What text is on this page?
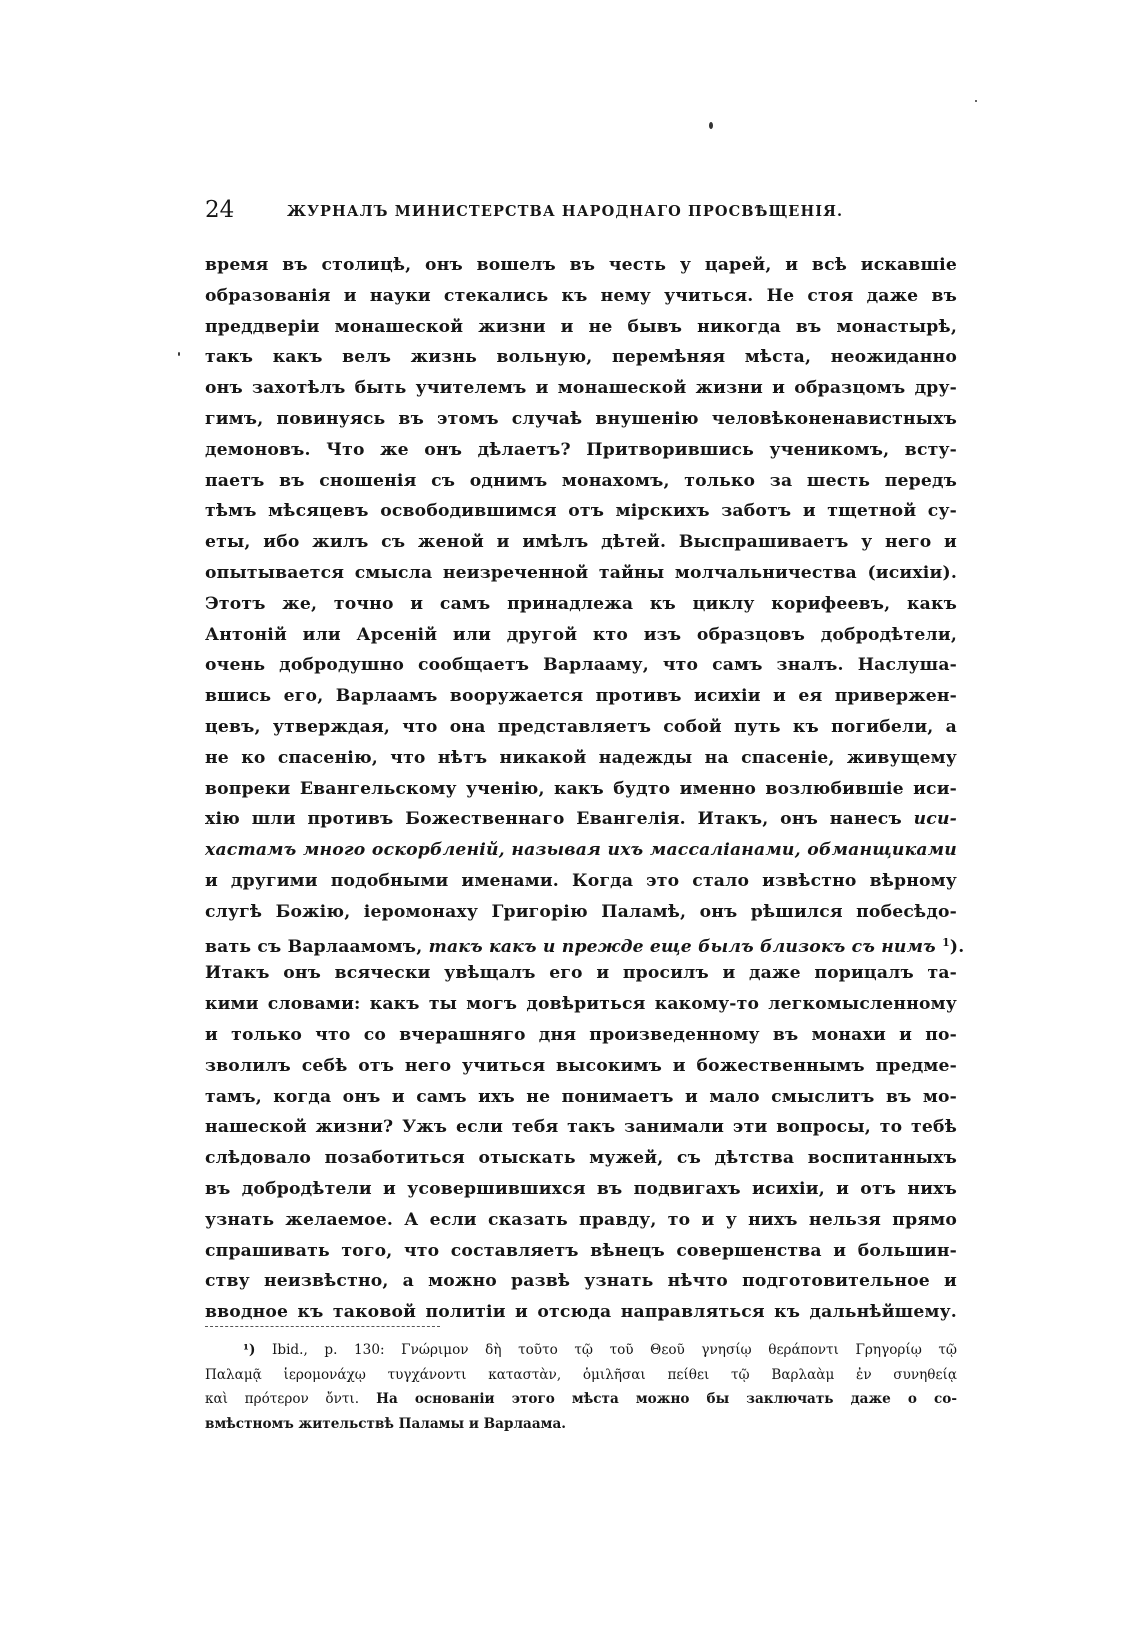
24	ЖУРНАЛЪ МИНИСТЕРСТВА НАРОДНАГО ПРОСВѢЩЕНІЯ.
время въ столицѣ, онъ вошелъ въ честь у царей, и всѣ искавшіе
образованія и науки стекались къ нему учиться. Не стоя даже въ
преддверіи монашеской жизни и не бывъ никогда въ монастырѣ,
такъ какъ велъ жизнь вольную, перемѣняя мѣста, неожиданно
онъ захотѣлъ быть учителемъ и монашеской жизни и образцомъ дру-
гимъ, повинуясь въ этомъ случаѣ внушенію человѣконенавистныхъ
демоновъ. Что же онъ дѣлаетъ? Притворившись ученикомъ, всту-
паетъ въ сношенія съ однимъ монахомъ, только за шесть передъ
тѣмъ мѣсяцевъ освободившимся отъ мірскихъ заботъ и тщетной су-
еты, ибо жилъ съ женой и имѣлъ дѣтей. Выспрашиваетъ у него и
опытывается смысла неизреченной тайны молчальничества (исихіи).
Этотъ же, точно и самъ принадлежа къ циклу корифеевъ, какъ
Антоній или Арсеній или другой кто изъ образцовъ добродѣтели,
очень добродушно сообщаетъ Варлааму, что самъ зналъ. Наслуша-
вшись его, Варлаамъ вооружается противъ исихіи и ея привержен-
цевъ, утверждая, что она представляетъ собой путь къ погибели, а
не ко спасенію, что нѣтъ никакой надежды на спасеніе, живущему
вопреки Евангельскому ученію, какъ будто именно возлюбившіе иси-
хію шли противъ Божественнаго Евангелія. Итакъ, онъ нанесъ иси-
хастамъ много оскорбленій, называя ихъ массаліанами, обманщиками
и другими подобными именами. Когда это стало извѣстно вѣрному
слугѣ Божію, іеромонаху Григорію Паламѣ, онъ рѣшился побесѣдо-
вать съ Варлаамомъ, такъ какъ и прежде еще былъ близокъ съ нимъ $^1$).
Итакъ онъ всячески увѣщалъ его и просилъ и даже порицалъ та-
кими словами: какъ ты могъ довѣриться какому-то легкомысленному
и только что со вчерашняго дня произведенному въ монахи и по-
зволилъ себѣ отъ него учиться высокимъ и божественнымъ предме-
тамъ, когда онъ и самъ ихъ не понимаетъ и мало смыслитъ въ мо-
нашеской жизни? Ужъ если тебя такъ занимали эти вопросы, то тебѣ
слѣдовало позаботиться отыскать мужей, съ дѣтства воспитанныхъ
въ добродѣтели и усовершившихся въ подвигахъ исихіи, и отъ нихъ
узнать желаемое. А если сказать правду, то и у нихъ нельзя прямо
спрашивать того, что составляетъ вѣнецъ совершенства и большин-
ству неизвѣстно, а можно развѣ узнать нѣчто подготовительное и
вводное къ таковой политіи и отсюда направляться къ дальнѣйшему.
¹) Ibid., p. 130: Γνώριμον δὴ τοῦτο τῷ τοῦ Θεοῦ γνησίῳ θεράποντι Γρηγορίῳ τῷ
Παλαμᾷ ἱερομονάχῳ τυγχάνοντι καταστὰν, ὁμιλῆσαι πείθει τῷ Βαρλαὰμ ἐν συνηθείᾳ
καὶ πρότερον ὄντι. На основаніи этого мѣста можно бы заключать даже о со-
вмѣстномъ жительствѣ Паламы и Варлаама.
